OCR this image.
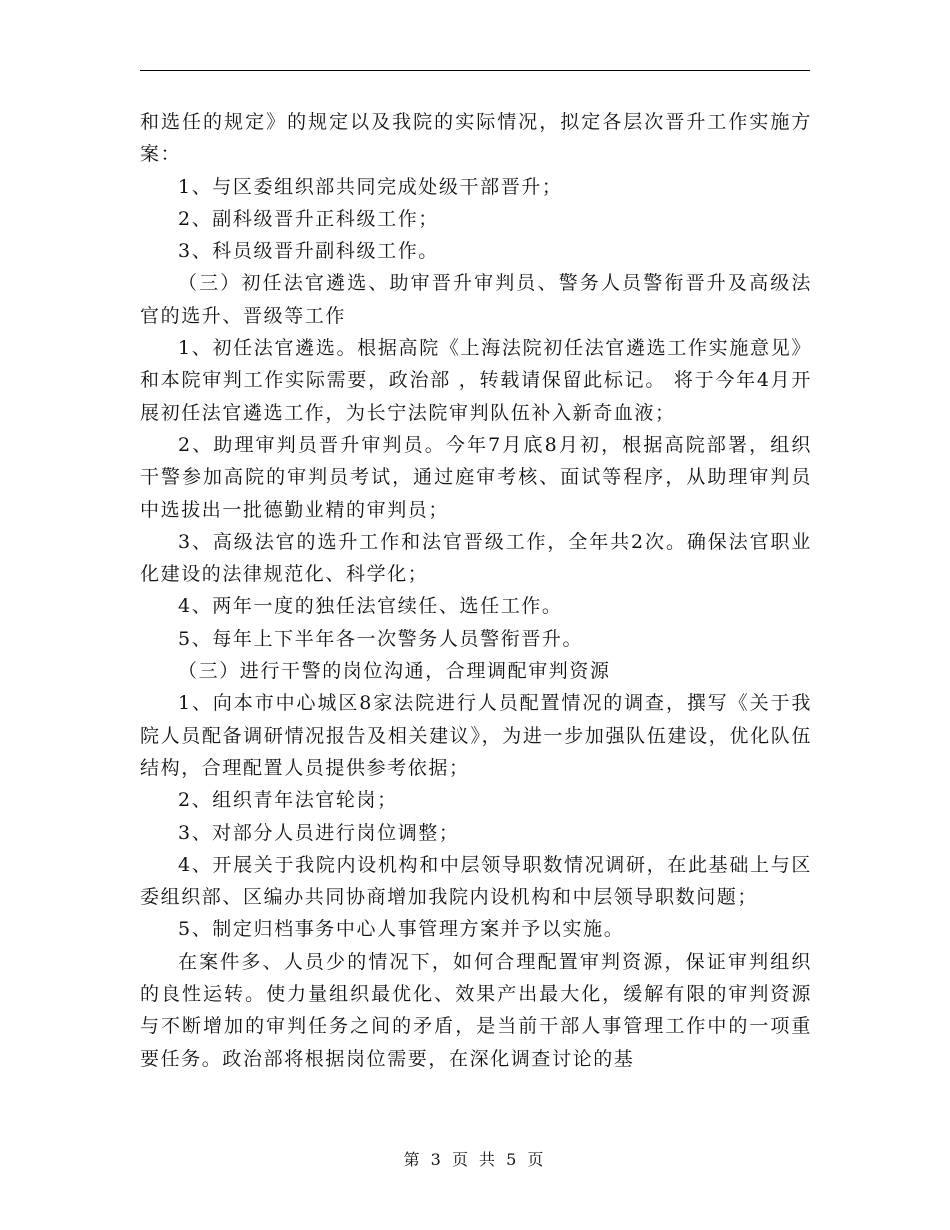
和选任的规定》的规定以及我院的实际情况，拟定各层次晋升工作实施方案：

1、与区委组织部共同完成处级干部晋升；

2、副科级晋升正科级工作；

3、科员级晋升副科级工作。

（三）初任法官遴选、助审晋升审判员、警务人员警衔晋升及高级法官的选升、晋级等工作

1、初任法官遴选。根据高院《上海法院初任法官遴选工作实施意见》和本院审判工作实际需要，政治部 ，转载请保留此标记。 将于今年4月开展初任法官遴选工作，为长宁法院审判队伍补入新奇血液；

2、助理审判员晋升审判员。今年7月底8月初，根据高院部署，组织干警参加高院的审判员考试，通过庭审考核、面试等程序，从助理审判员中选拔出一批德勤业精的审判员；

3、高级法官的选升工作和法官晋级工作，全年共2次。确保法官职业化建设的法律规范化、科学化；

4、两年一度的独任法官续任、选任工作。

5、每年上下半年各一次警务人员警衔晋升。

（三）进行干警的岗位沟通，合理调配审判资源

1、向本市中心城区8家法院进行人员配置情况的调查，撰写《关于我院人员配备调研情况报告及相关建议》，为进一步加强队伍建设，优化队伍结构，合理配置人员提供参考依据；

2、组织青年法官轮岗；

3、对部分人员进行岗位调整；

4、开展关于我院内设机构和中层领导职数情况调研，在此基础上与区委组织部、区编办共同协商增加我院内设机构和中层领导职数问题；

5、制定归档事务中心人事管理方案并予以实施。

在案件多、人员少的情况下，如何合理配置审判资源，保证审判组织的良性运转。使力量组织最优化、效果产出最大化，缓解有限的审判资源与不断增加的审判任务之间的矛盾，是当前干部人事管理工作中的一项重要任务。政治部将根据岗位需要，在深化调查讨论的基

第 3 页 共 5 页
